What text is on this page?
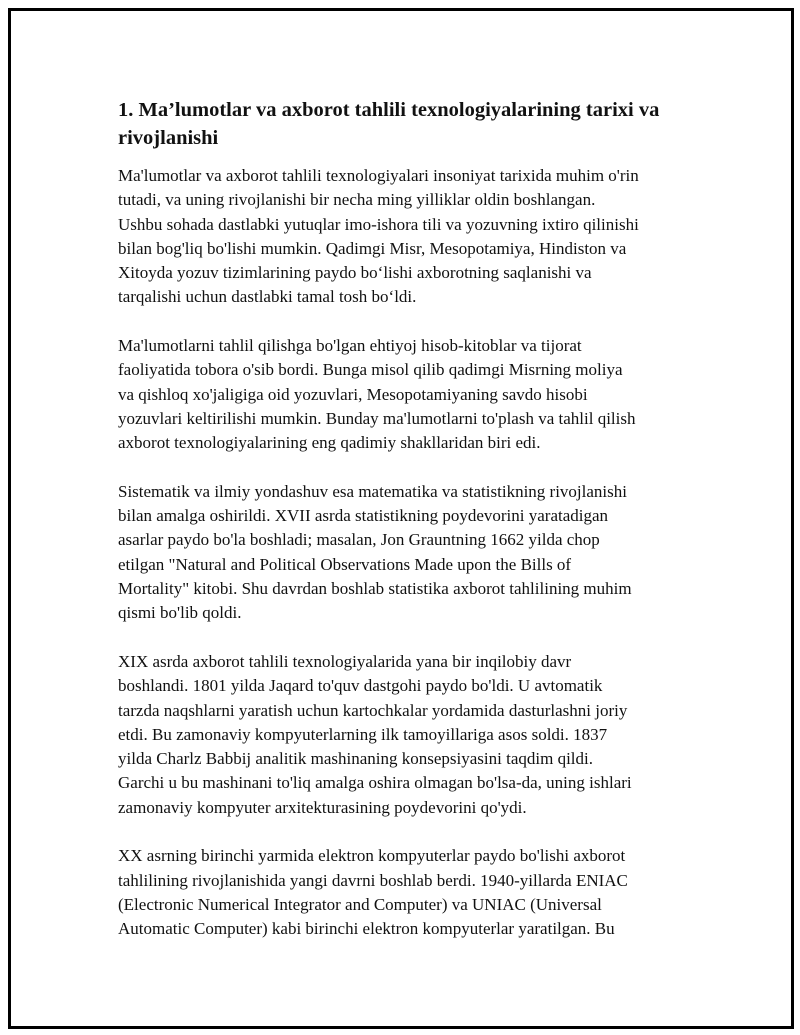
1. Ma’lumotlar va axborot tahlili texnologiyalarining tarixi va rivojlanishi

Ma'lumotlar va axborot tahlili texnologiyalari insoniyat tarixida muhim o'rin
tutadi, va uning rivojlanishi bir necha ming yilliklar oldin boshlangan.
Ushbu sohada dastlabki yutuqlar imo-ishora tili va yozuvning ixtiro qilinishi
bilan bog'liq bo'lishi mumkin. Qadimgi Misr, Mesopotamiya, Hindiston va
Xitoyda yozuv tizimlarining paydo bo‘lishi axborotning saqlanishi va
tarqalishi uchun dastlabki tamal tosh bo‘ldi.

Ma'lumotlarni tahlil qilishga bo'lgan ehtiyoj hisob-kitoblar va tijorat
faoliyatida tobora o'sib bordi. Bunga misol qilib qadimgi Misrning moliya
va qishloq xo'jaligiga oid yozuvlari, Mesopotamiyaning savdo hisobi
yozuvlari keltirilishi mumkin. Bunday ma'lumotlarni to'plash va tahlil qilish
axborot texnologiyalarining eng qadimiy shakllaridan biri edi.

Sistematik va ilmiy yondashuv esa matematika va statistikning rivojlanishi
bilan amalga oshirildi. XVII asrda statistikning poydevorini yaratadigan
asarlar paydo bo'la boshladi; masalan, Jon Grauntning 1662 yilda chop
etilgan "Natural and Political Observations Made upon the Bills of
Mortality" kitobi. Shu davrdan boshlab statistika axborot tahlilining muhim
qismi bo'lib qoldi.

XIX asrda axborot tahlili texnologiyalarida yana bir inqilobiy davr
boshlandi. 1801 yilda Jaqard to'quv dastgohi paydo bo'ldi. U avtomatik
tarzda naqshlarni yaratish uchun kartochkalar yordamida dasturlashni joriy
etdi. Bu zamonaviy kompyuterlarning ilk tamoyillariga asos soldi. 1837
yilda Charlz Babbij analitik mashinaning konsepsiyasini taqdim qildi.
Garchi u bu mashinani to'liq amalga oshira olmagan bo'lsa-da, uning ishlari
zamonaviy kompyuter arxitekturasining poydevorini qo'ydi.

XX asrning birinchi yarmida elektron kompyuterlar paydo bo'lishi axborot
tahlilining rivojlanishida yangi davrni boshlab berdi. 1940-yillarda ENIAC
(Electronic Numerical Integrator and Computer) va UNIAC (Universal
Automatic Computer) kabi birinchi elektron kompyuterlar yaratilgan. Bu
